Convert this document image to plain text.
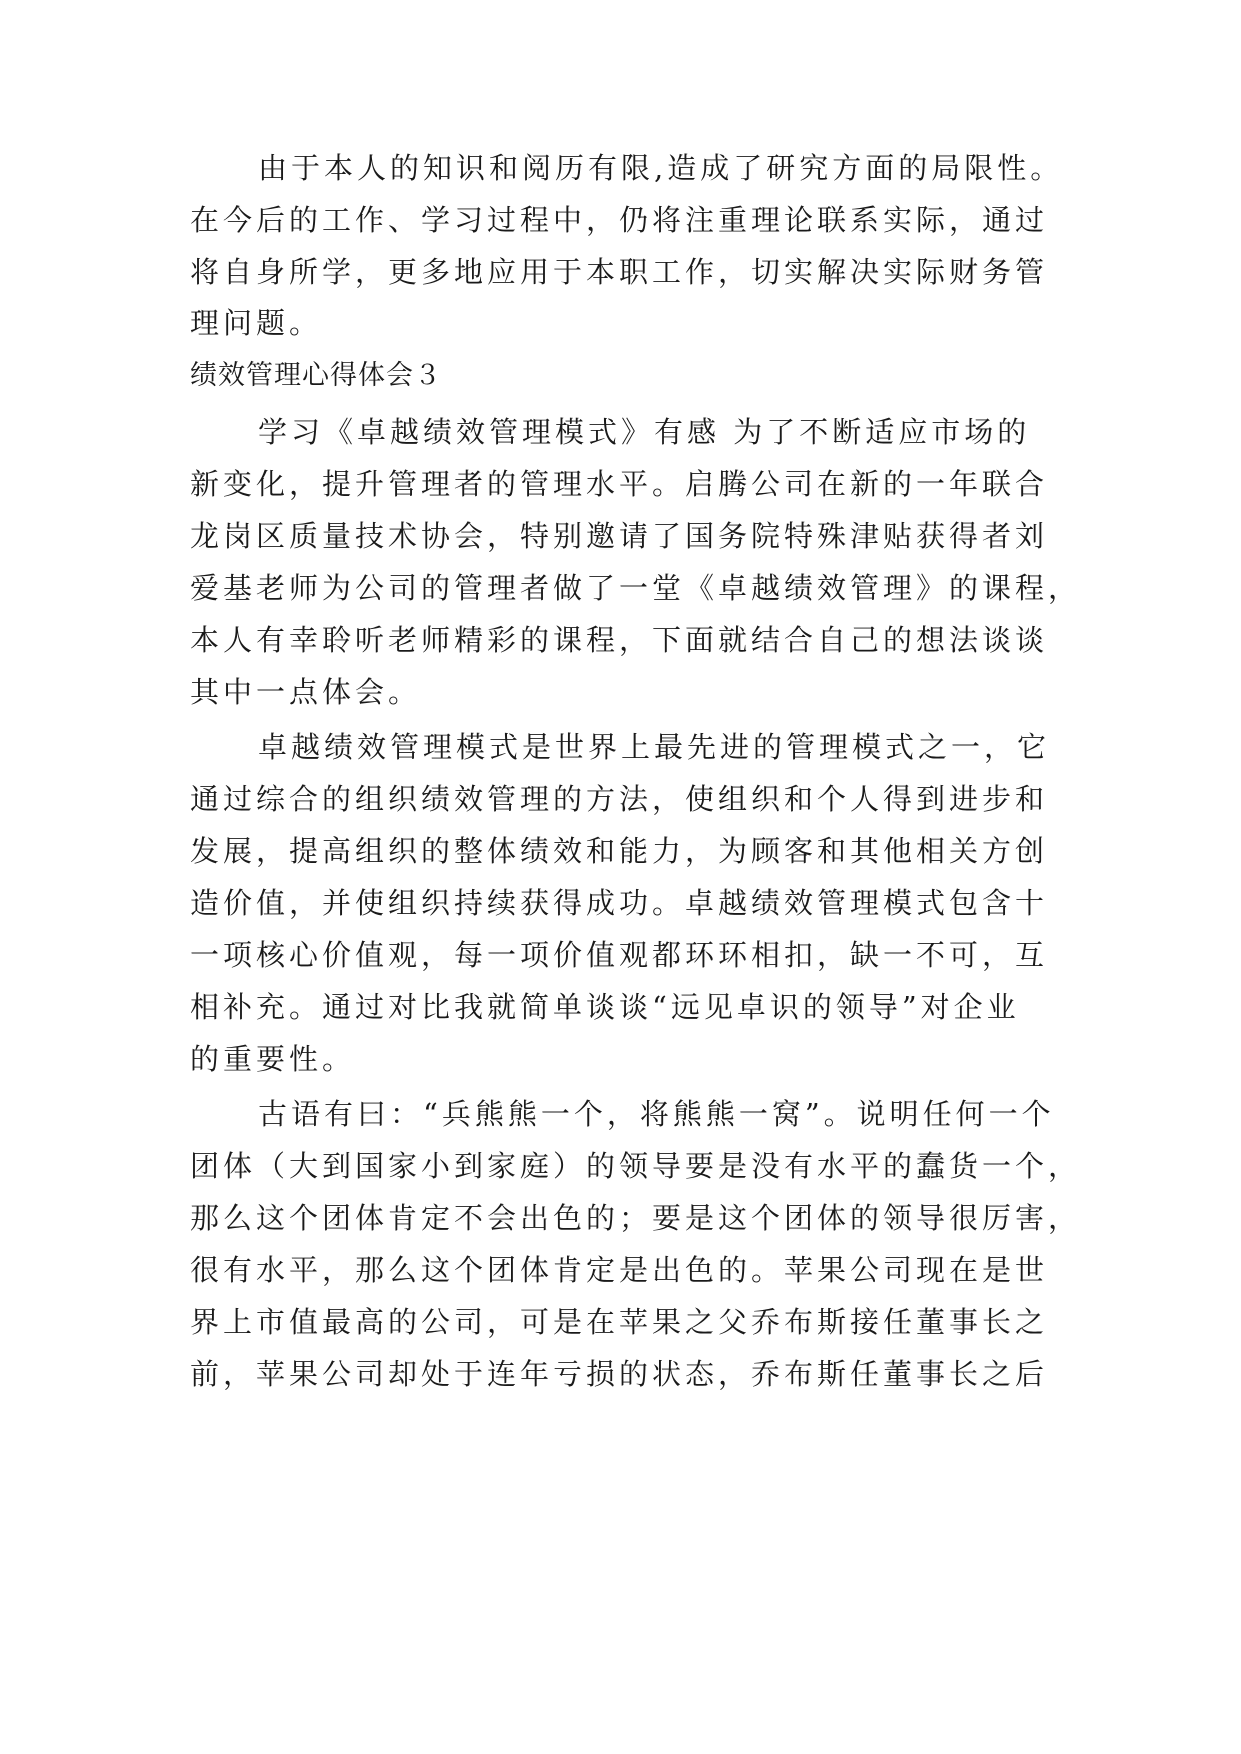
由于本人的知识和阅历有限,造成了研究方面的局限性。
在今后的工作、学习过程中，仍将注重理论联系实际，通过
将自身所学，更多地应用于本职工作，切实解决实际财务管
理问题。
绩效管理心得体会３
学习《卓越绩效管理模式》有感 为了不断适应市场的
新变化，提升管理者的管理水平。启腾公司在新的一年联合
龙岗区质量技术协会，特别邀请了国务院特殊津贴获得者刘
爱基老师为公司的管理者做了一堂《卓越绩效管理》的课程，
本人有幸聆听老师精彩的课程，下面就结合自己的想法谈谈
其中一点体会。
卓越绩效管理模式是世界上最先进的管理模式之一，它
通过综合的组织绩效管理的方法，使组织和个人得到进步和
发展，提高组织的整体绩效和能力，为顾客和其他相关方创
造价值，并使组织持续获得成功。卓越绩效管理模式包含十
一项核心价值观，每一项价值观都环环相扣，缺一不可，互
相补充。通过对比我就简单谈谈“远见卓识的领导”对企业
的重要性。
古语有曰：“兵熊熊一个，将熊熊一窝”。说明任何一个
团体（大到国家小到家庭）的领导要是没有水平的蠢货一个，
那么这个团体肯定不会出色的；要是这个团体的领导很厉害，
很有水平，那么这个团体肯定是出色的。苹果公司现在是世
界上市值最高的公司，可是在苹果之父乔布斯接任董事长之
前，苹果公司却处于连年亏损的状态，乔布斯任董事长之后
